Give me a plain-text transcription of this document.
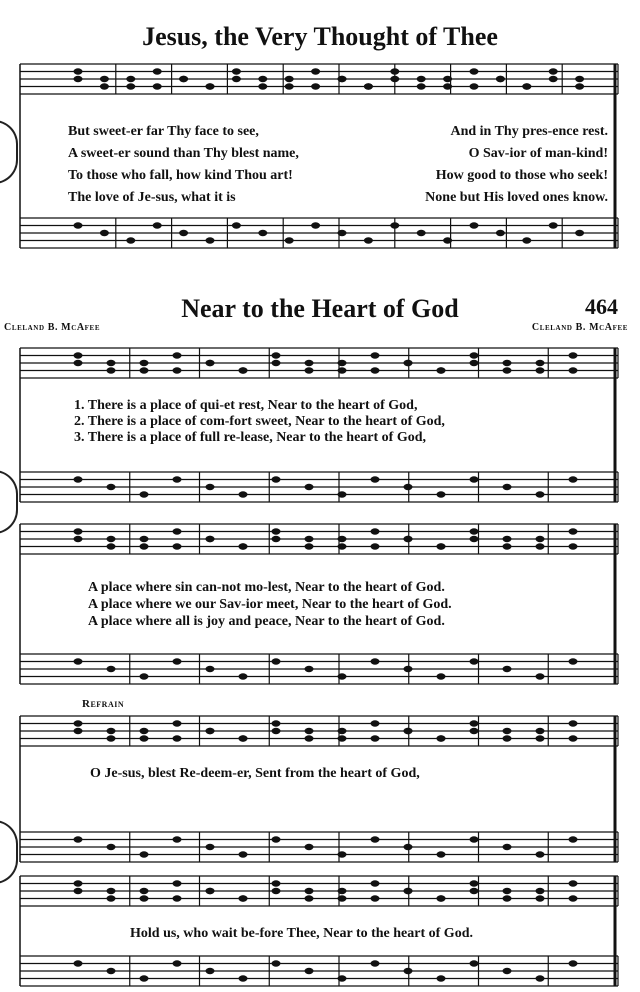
Jesus, the Very Thought of Thee
But sweet-er far Thy face to see,	And in Thy pres-ence rest.
A sweet-er sound than Thy blest name,	O Sav-ior of man-kind!
To those who fall, how kind Thou art!	How good to those who seek!
The love of Je-sus, what it is	None but His loved ones know.
Near to the Heart of God	464
Cleland B. McAfee	Cleland B. McAfee
1. There is a place of qui-et rest, Near to the heart of God,
2. There is a place of com-fort sweet, Near to the heart of God,
3. There is a place of full re-lease, Near to the heart of God,
A place where sin can-not mo-lest, Near to the heart of God.
A place where we our Sav-ior meet, Near to the heart of God.
A place where all is joy and peace, Near to the heart of God.
Refrain
O Je-sus, blest Re-deem-er, Sent from the heart of God,
Hold us, who wait be-fore Thee, Near to the heart of God.
